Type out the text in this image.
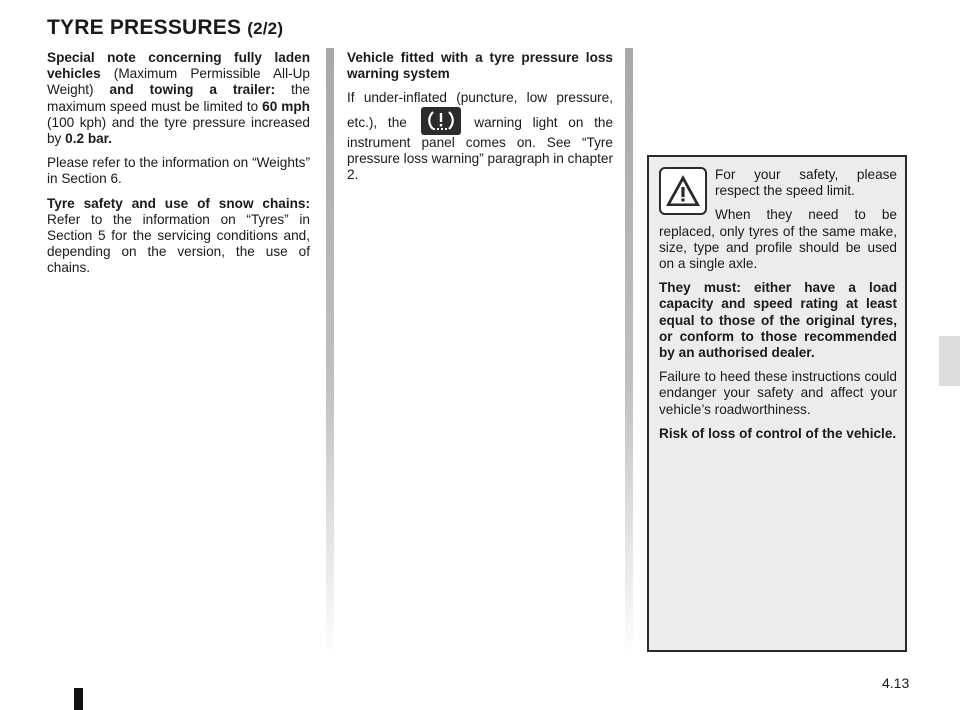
TYRE PRESSURES (2/2)

Special note concerning fully laden vehicles (Maximum Permissible All-Up Weight) and towing a trailer: the maximum speed must be limited to 60 mph (100 kph) and the tyre pressure increased by 0.2 bar.

Please refer to the information on “Weights” in Section 6.

Tyre safety and use of snow chains: Refer to the information on “Tyres” in Section 5 for the servicing conditions and, depending on the version, the use of chains.

Vehicle fitted with a tyre pressure loss warning system

If under-inflated (puncture, low pressure, etc.), the	warning light on the instrument panel comes on. See “Tyre pressure loss warning” paragraph in chapter 2.	For your safety, please respect the speed limit.

When they need to be replaced, only tyres of the same make, size, type and profile should be used on a single axle.

They must: either have a load capacity and speed rating at least equal to those of the original tyres, or conform to those recommended by an authorised dealer.

Failure to heed these instructions could endanger your safety and affect your vehicle’s roadworthiness.

Risk of loss of control of the vehicle.

4.13
